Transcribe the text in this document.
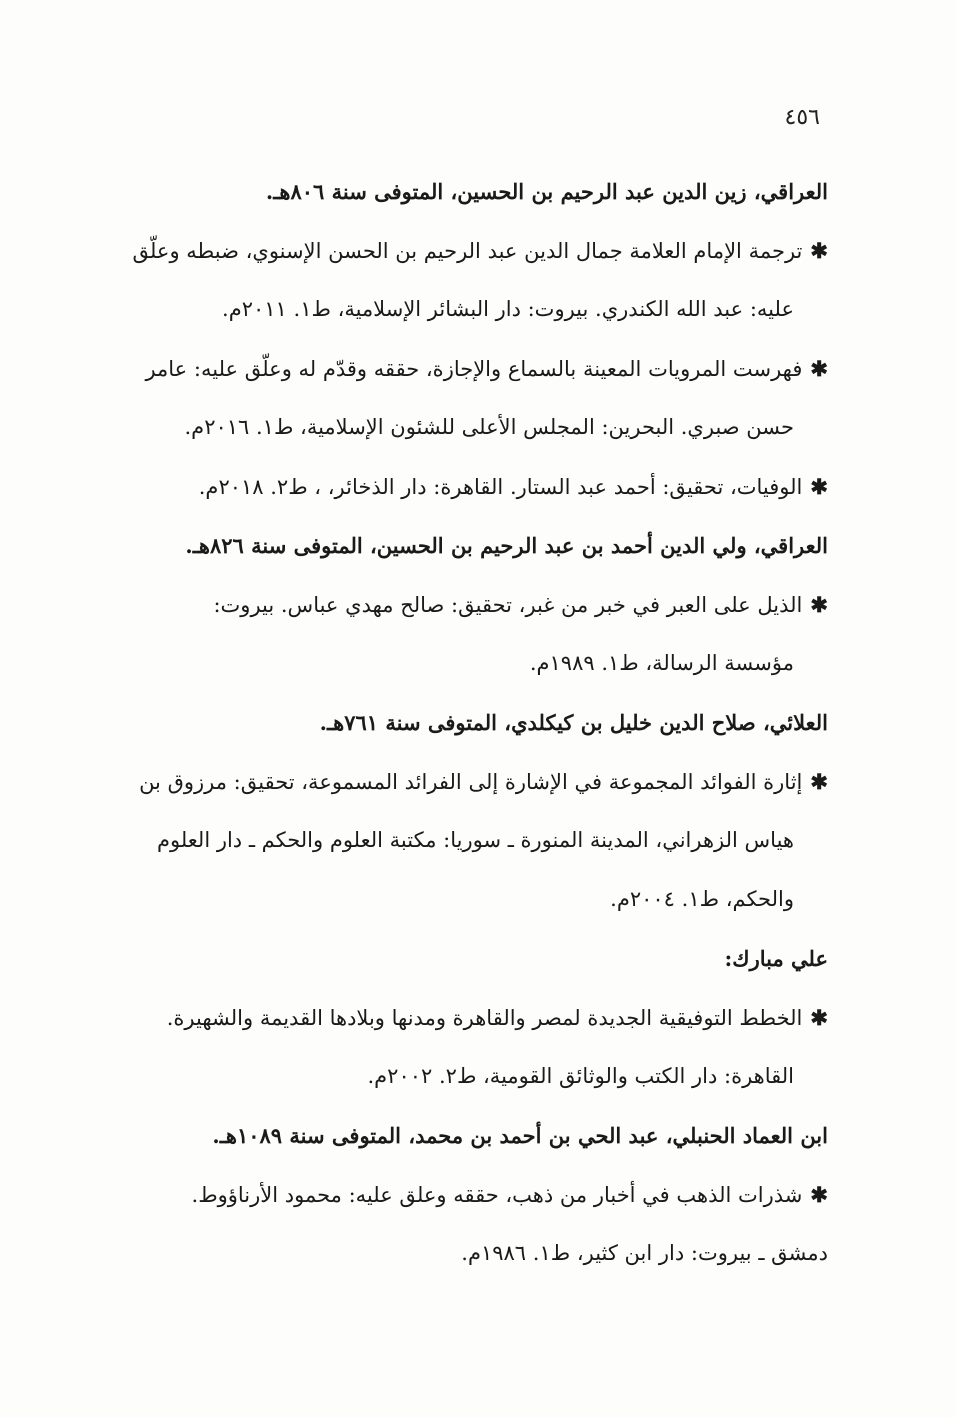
٤٥٦
العراقي، زين الدين عبد الرحيم بن الحسين، المتوفى سنة ٨٠٦هـ.
✱ترجمة الإمام العلامة جمال الدين عبد الرحيم بن الحسن الإسنوي، ضبطه وعلّق
عليه: عبد الله الكندري. بيروت: دار البشائر الإسلامية، ط١. ٢٠١١م.
✱فهرست المرويات المعينة بالسماع والإجازة، حققه وقدّم له وعلّق عليه: عامر
حسن صبري. البحرين: المجلس الأعلى للشئون الإسلامية، ط١. ٢٠١٦م.
✱الوفيات، تحقيق: أحمد عبد الستار. القاهرة: دار الذخائر، ، ط٢. ٢٠١٨م.
العراقي، ولي الدين أحمد بن عبد الرحيم بن الحسين، المتوفى سنة ٨٢٦هـ.
✱الذيل على العبر في خبر من غبر، تحقيق: صالح مهدي عباس. بيروت:
مؤسسة الرسالة، ط١. ١٩٨٩م.
العلائي، صلاح الدين خليل بن كيكلدي، المتوفى سنة ٧٦١هـ.
✱إثارة الفوائد المجموعة في الإشارة إلى الفرائد المسموعة، تحقيق: مرزوق بن
هياس الزهراني، المدينة المنورة ـ سوريا: مكتبة العلوم والحكم ـ دار العلوم
والحكم، ط١. ٢٠٠٤م.
علي مبارك:
✱الخطط التوفيقية الجديدة لمصر والقاهرة ومدنها وبلادها القديمة والشهيرة.
القاهرة: دار الكتب والوثائق القومية، ط٢. ٢٠٠٢م.
ابن العماد الحنبلي، عبد الحي بن أحمد بن محمد، المتوفى سنة ١٠٨٩هـ.
✱شذرات الذهب في أخبار من ذهب، حققه وعلق عليه: محمود الأرناؤوط.
دمشق ـ بيروت: دار ابن كثير، ط١. ١٩٨٦م.
